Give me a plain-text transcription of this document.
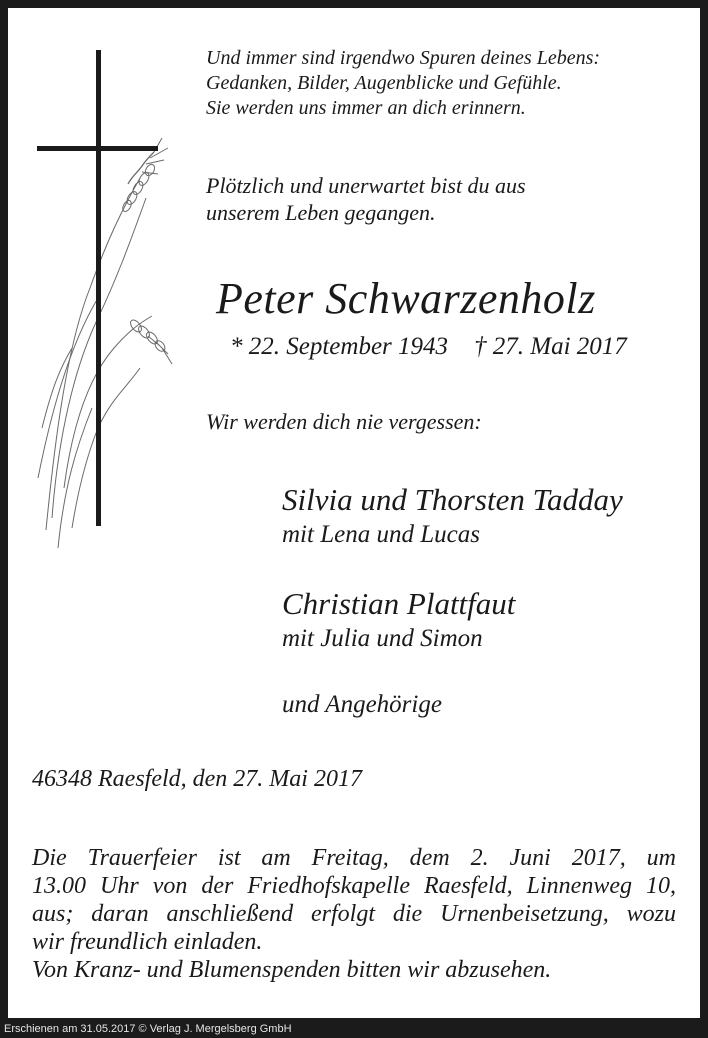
Und immer sind irgendwo Spuren deines Lebens:
Gedanken, Bilder, Augenblicke und Gefühle.
Sie werden uns immer an dich erinnern.

Plötzlich und unerwartet bist du aus
unserem Leben gegangen.

Peter Schwarzenholz

* 22. September 1943 † 27. Mai 2017

Wir werden dich nie vergessen:

Silvia und Thorsten Tadday

mit Lena und Lucas

Christian Plattfaut

mit Julia und Simon

und Angehörige

46348 Raesfeld, den 27. Mai 2017

Die Trauerfeier ist am Freitag, dem 2. Juni 2017, um
13.00 Uhr von der Friedhofskapelle Raesfeld, Linnenweg 10,
aus; daran anschließend erfolgt die Urnenbeisetzung, wozu
wir freundlich einladen.
Von Kranz- und Blumenspenden bitten wir abzusehen.

Erschienen am 31.05.2017 © Verlag J. Mergelsberg GmbH
